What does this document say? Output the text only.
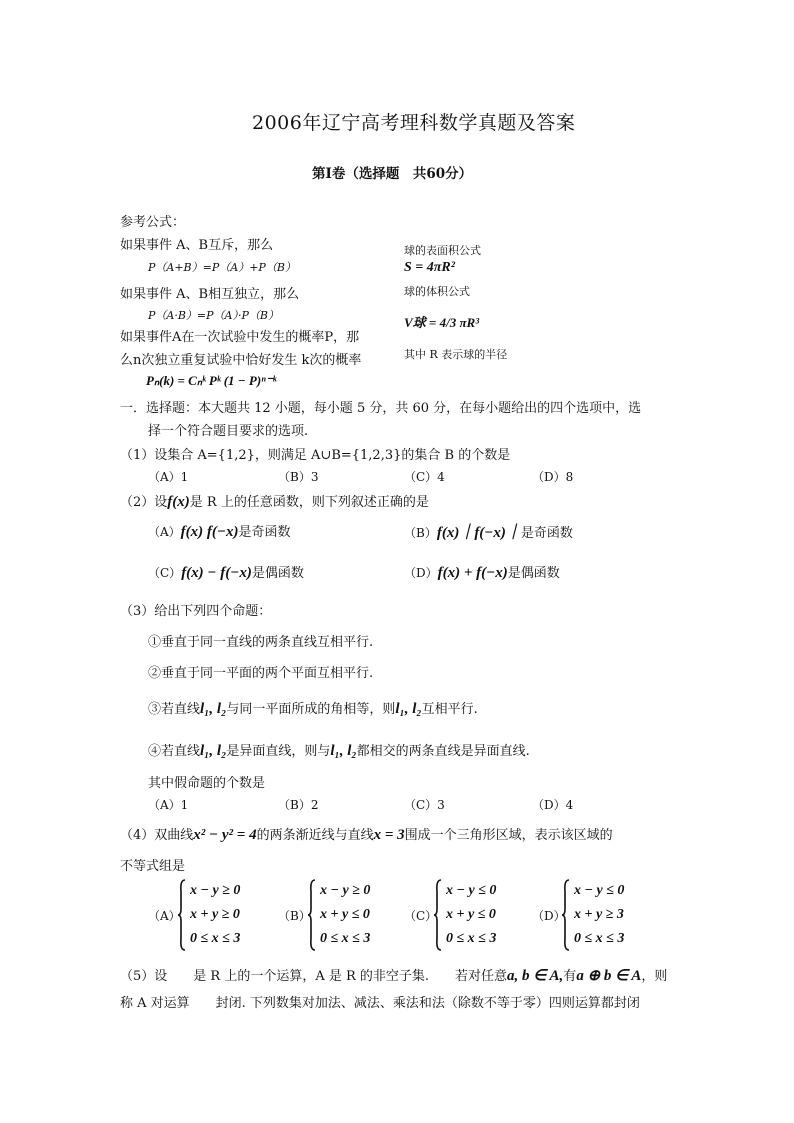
2006年辽宁高考理科数学真题及答案
第Ⅰ卷（选择题　共60分）
参考公式：
如果事件 A、B互斥，那么
P（A+B）=P（A）+P（B）
如果事件 A、B相互独立，那么
P（A·B）=P（A）·P（B）
如果事件A在一次试验中发生的概率P，那
么n次独立重复试验中恰好发生 k次的概率
Pₙ(k) = Cₙᵏ Pᵏ (1 − P)ⁿ⁻ᵏ
球的表面积公式
S = 4πR²
球的体积公式
V球 = 4/3 πR³
其中 R 表示球的半径
一．选择题：本大题共 12 小题，每小题 5 分，共 60 分，在每小题给出的四个选项中，选
择一个符合题目要求的选项.
（1）设集合 A={1,2}，则满足 A∪B={1,2,3}的集合 B 的个数是
（A）1	（B）3	（C）4	（D）8
（2）设f(x)是 R 上的任意函数，则下列叙述正确的是
（A）f(x) f(−x)是奇函数	（B）f(x)｜f(−x)｜是奇函数
（C）f(x) − f(−x)是偶函数	（D）f(x) + f(−x)是偶函数
（3）给出下列四个命题：
①垂直于同一直线的两条直线互相平行.
②垂直于同一平面的两个平面互相平行.
③若直线l₁, l₂与同一平面所成的角相等，则l₁, l₂互相平行.
④若直线l₁, l₂是异面直线，则与l₁, l₂都相交的两条直线是异面直线.
其中假命题的个数是
（A）1	（B）2	（C）3	（D）4
（4）双曲线x² − y² = 4的两条渐近线与直线x = 3围成一个三角形区域，表示该区域的
不等式组是
（A）
x − y ≥ 0
x + y ≥ 0
0 ≤ x ≤ 3
（B）
x − y ≥ 0
x + y ≤ 0
0 ≤ x ≤ 3
（C）
x − y ≤ 0
x + y ≤ 0
0 ≤ x ≤ 3
（D）
x − y ≤ 0
x + y ≥ 3
0 ≤ x ≤ 3
（5）设　　是 R 上的一个运算，A 是 R 的非空子集.　　若对任意a, b ∈ A,有a ⊕ b ∈ A，则
称 A 对运算　　封闭. 下列数集对加法、减法、乘法和法（除数不等于零）四则运算都封闭
